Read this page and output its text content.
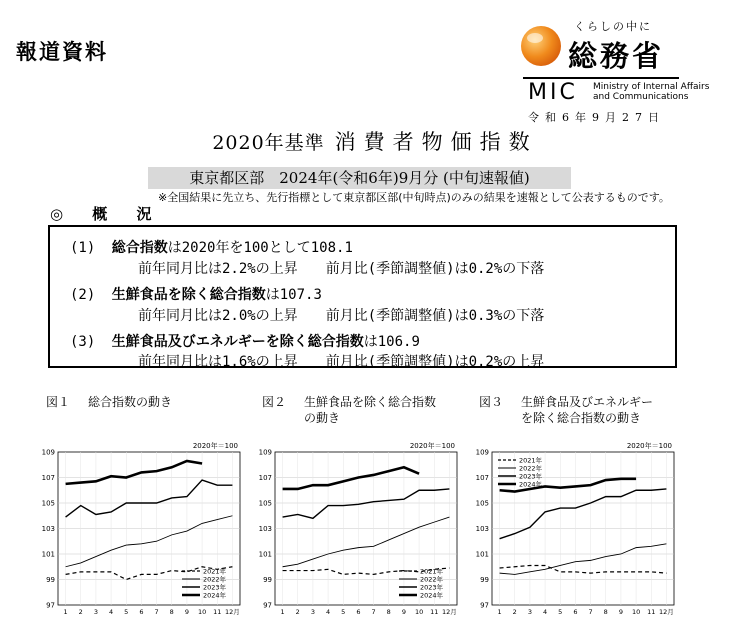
報道資料
くらしの中に
総務省
MIC Ministry of Internal Affairs
and Communications
令和6年9月27日
2020年基準 消費者物価指数
東京都区部　2024年(令和6年)9月分 (中旬速報値)
※全国結果に先立ち、先行指標として東京都区部(中旬時点)のみの結果を速報として公表するものです。
◎ 概 況
(1) 総合指数は2020年を100として108.1
前年同月比は2.2%の上昇 前月比(季節調整値)は0.2%の下落
(2) 生鮮食品を除く総合指数は107.3
前年同月比は2.0%の上昇 前月比(季節調整値)は0.3%の下落
(3) 生鮮食品及びエネルギーを除く総合指数は106.9
前年同月比は1.6%の上昇 前月比(季節調整値)は0.2%の上昇
図１ 総合指数の動き	図２ 生鮮食品を除く総合指数
の動き
図３ 生鮮食品及びエネルギー
を除く総合指数の動き
2020年＝100
97
99
101
103
105
107
109
1 2 3 4 5 6 7 8 9 10 11 12月
2021年
2022年
2023年
2024年
2020年＝100
97
99
101
103
105
107
109
1 2 3 4 5 6 7 8 9 10 11 12月
2021年
2022年
2023年
2024年
2020年＝100
97
99
101
103
105
107
109
1 2 3 4 5 6 7 8 9 10 11 12月
2021年
2022年
2023年
2024年
